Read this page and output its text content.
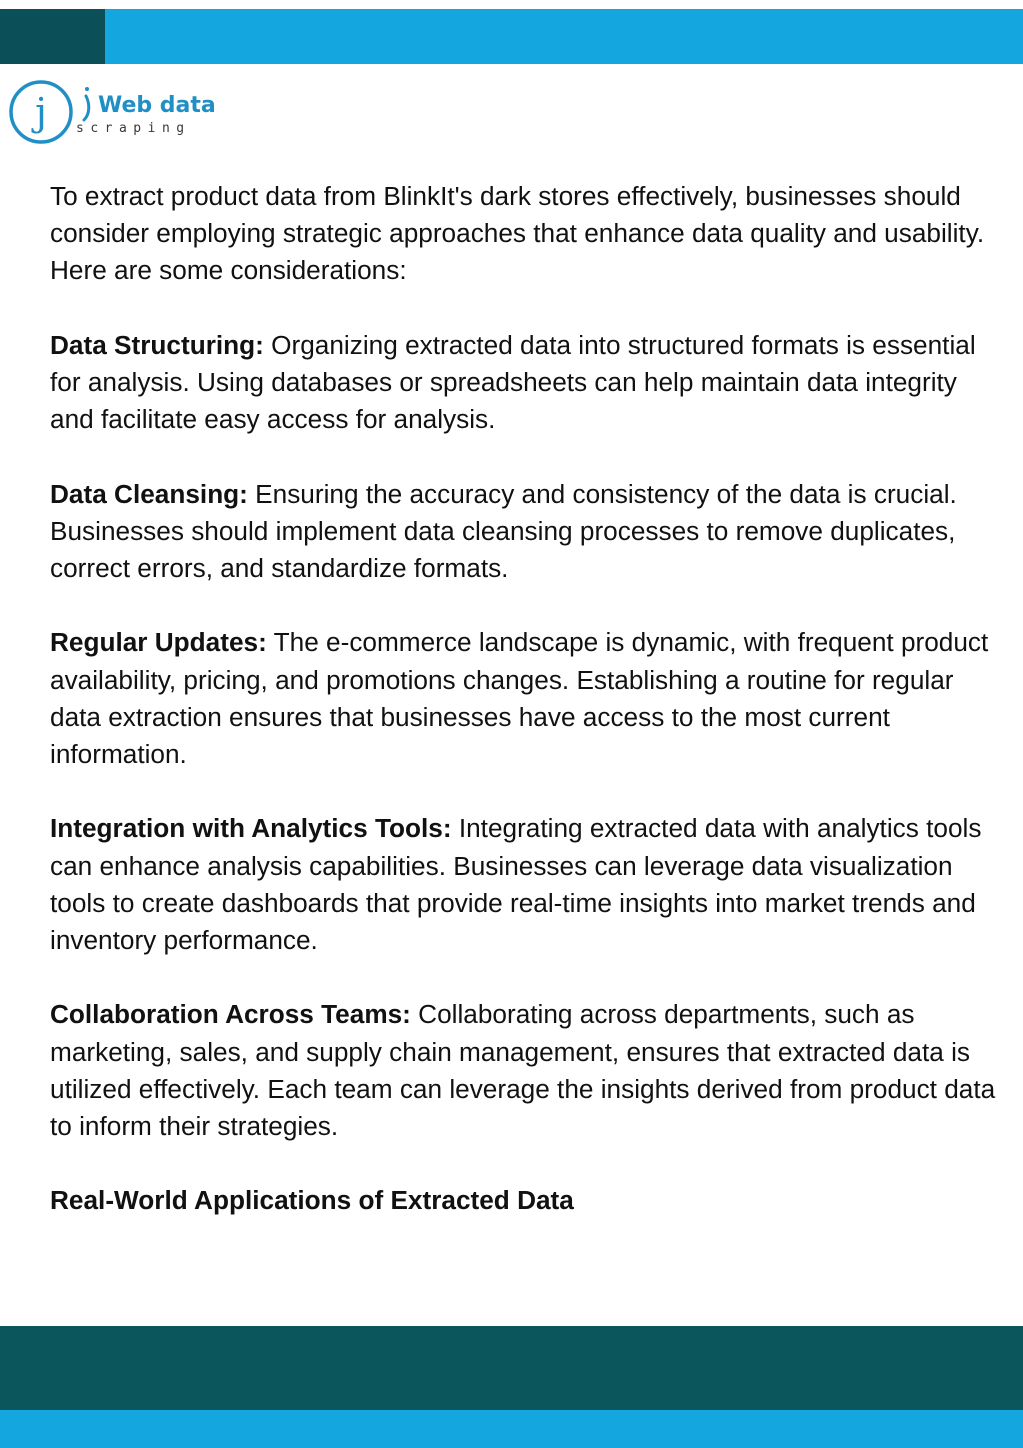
j Web data
scraping

To extract product data from BlinkIt's dark stores effectively, businesses should consider employing strategic approaches that enhance data quality and usability. Here are some considerations:

Data Structuring: Organizing extracted data into structured formats is essential for analysis. Using databases or spreadsheets can help maintain data integrity and facilitate easy access for analysis.

Data Cleansing: Ensuring the accuracy and consistency of the data is crucial. Businesses should implement data cleansing processes to remove duplicates, correct errors, and standardize formats.

Regular Updates: The e-commerce landscape is dynamic, with frequent product availability, pricing, and promotions changes. Establishing a routine for regular data extraction ensures that businesses have access to the most current information.

Integration with Analytics Tools: Integrating extracted data with analytics tools can enhance analysis capabilities. Businesses can leverage data visualization tools to create dashboards that provide real-time insights into market trends and inventory performance.

Collaboration Across Teams: Collaborating across departments, such as marketing, sales, and supply chain management, ensures that extracted data is utilized effectively. Each team can leverage the insights derived from product data to inform their strategies.

Real-World Applications of Extracted Data
